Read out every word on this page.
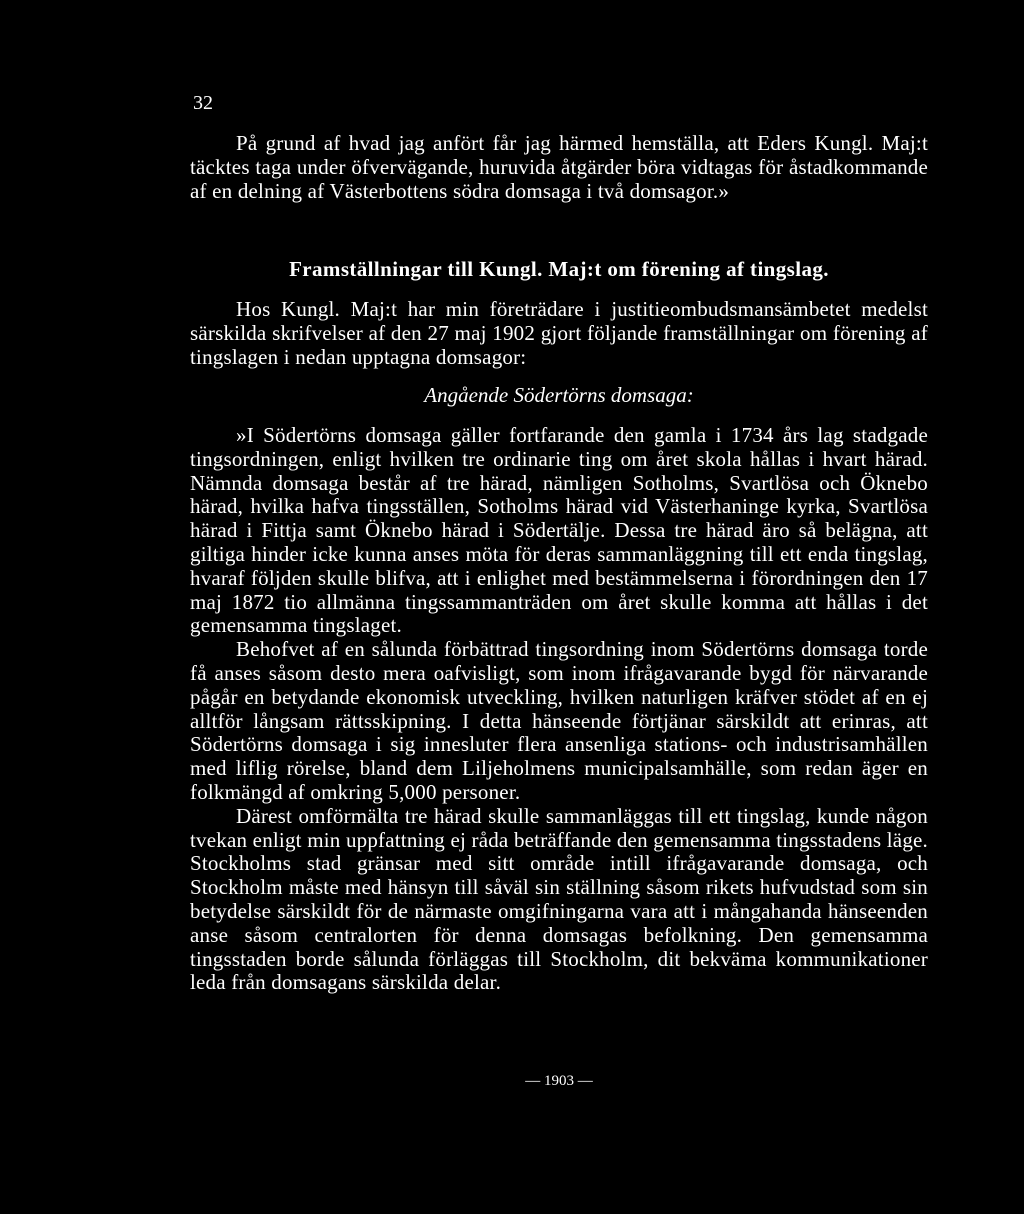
32

På grund af hvad jag anfört får jag härmed hemställa, att Eders Kungl. Maj:t täcktes taga under öfvervägande, huruvida åtgärder böra vidtagas för åstadkommande af en delning af Västerbottens södra domsaga i två domsagor.»

Framställningar till Kungl. Maj:t om förening af tingslag.

Hos Kungl. Maj:t har min företrädare i justitieombudsmansämbetet medelst särskilda skrifvelser af den 27 maj 1902 gjort följande framställningar om förening af tingslagen i nedan upptagna domsagor:

Angående Södertörns domsaga:

»I Södertörns domsaga gäller fortfarande den gamla i 1734 års lag stadgade tingsordningen, enligt hvilken tre ordinarie ting om året skola hållas i hvart härad. Nämnda domsaga består af tre härad, nämligen Sotholms, Svartlösa och Öknebo härad, hvilka hafva tingsställen, Sotholms härad vid Västerhaninge kyrka, Svartlösa härad i Fittja samt Öknebo härad i Södertälje. Dessa tre härad äro så belägna, att giltiga hinder icke kunna anses möta för deras sammanläggning till ett enda tingslag, hvaraf följden skulle blifva, att i enlighet med bestämmelserna i förordningen den 17 maj 1872 tio allmänna tingssammanträden om året skulle komma att hållas i det gemensamma tingslaget.

Behofvet af en sålunda förbättrad tingsordning inom Södertörns domsaga torde få anses såsom desto mera oafvisligt, som inom ifrågavarande bygd för närvarande pågår en betydande ekonomisk utveckling, hvilken naturligen kräfver stödet af en ej alltför långsam rättsskipning. I detta hänseende förtjänar särskildt att erinras, att Södertörns domsaga i sig innesluter flera ansenliga stations- och industrisamhällen med liflig rörelse, bland dem Liljeholmens municipalsamhälle, som redan äger en folkmängd af omkring 5,000 personer.

Därest omförmälta tre härad skulle sammanläggas till ett tingslag, kunde någon tvekan enligt min uppfattning ej råda beträffande den gemensamma tingsstadens läge. Stockholms stad gränsar med sitt område intill ifrågavarande domsaga, och Stockholm måste med hänsyn till såväl sin ställning såsom rikets hufvudstad som sin betydelse särskildt för de närmaste omgifningarna vara att i mångahanda hänseenden anse såsom centralorten för denna domsagas befolkning. Den gemensamma tingsstaden borde sålunda förläggas till Stockholm, dit bekväma kommunikationer leda från domsagans särskilda delar.

— 1903 —
